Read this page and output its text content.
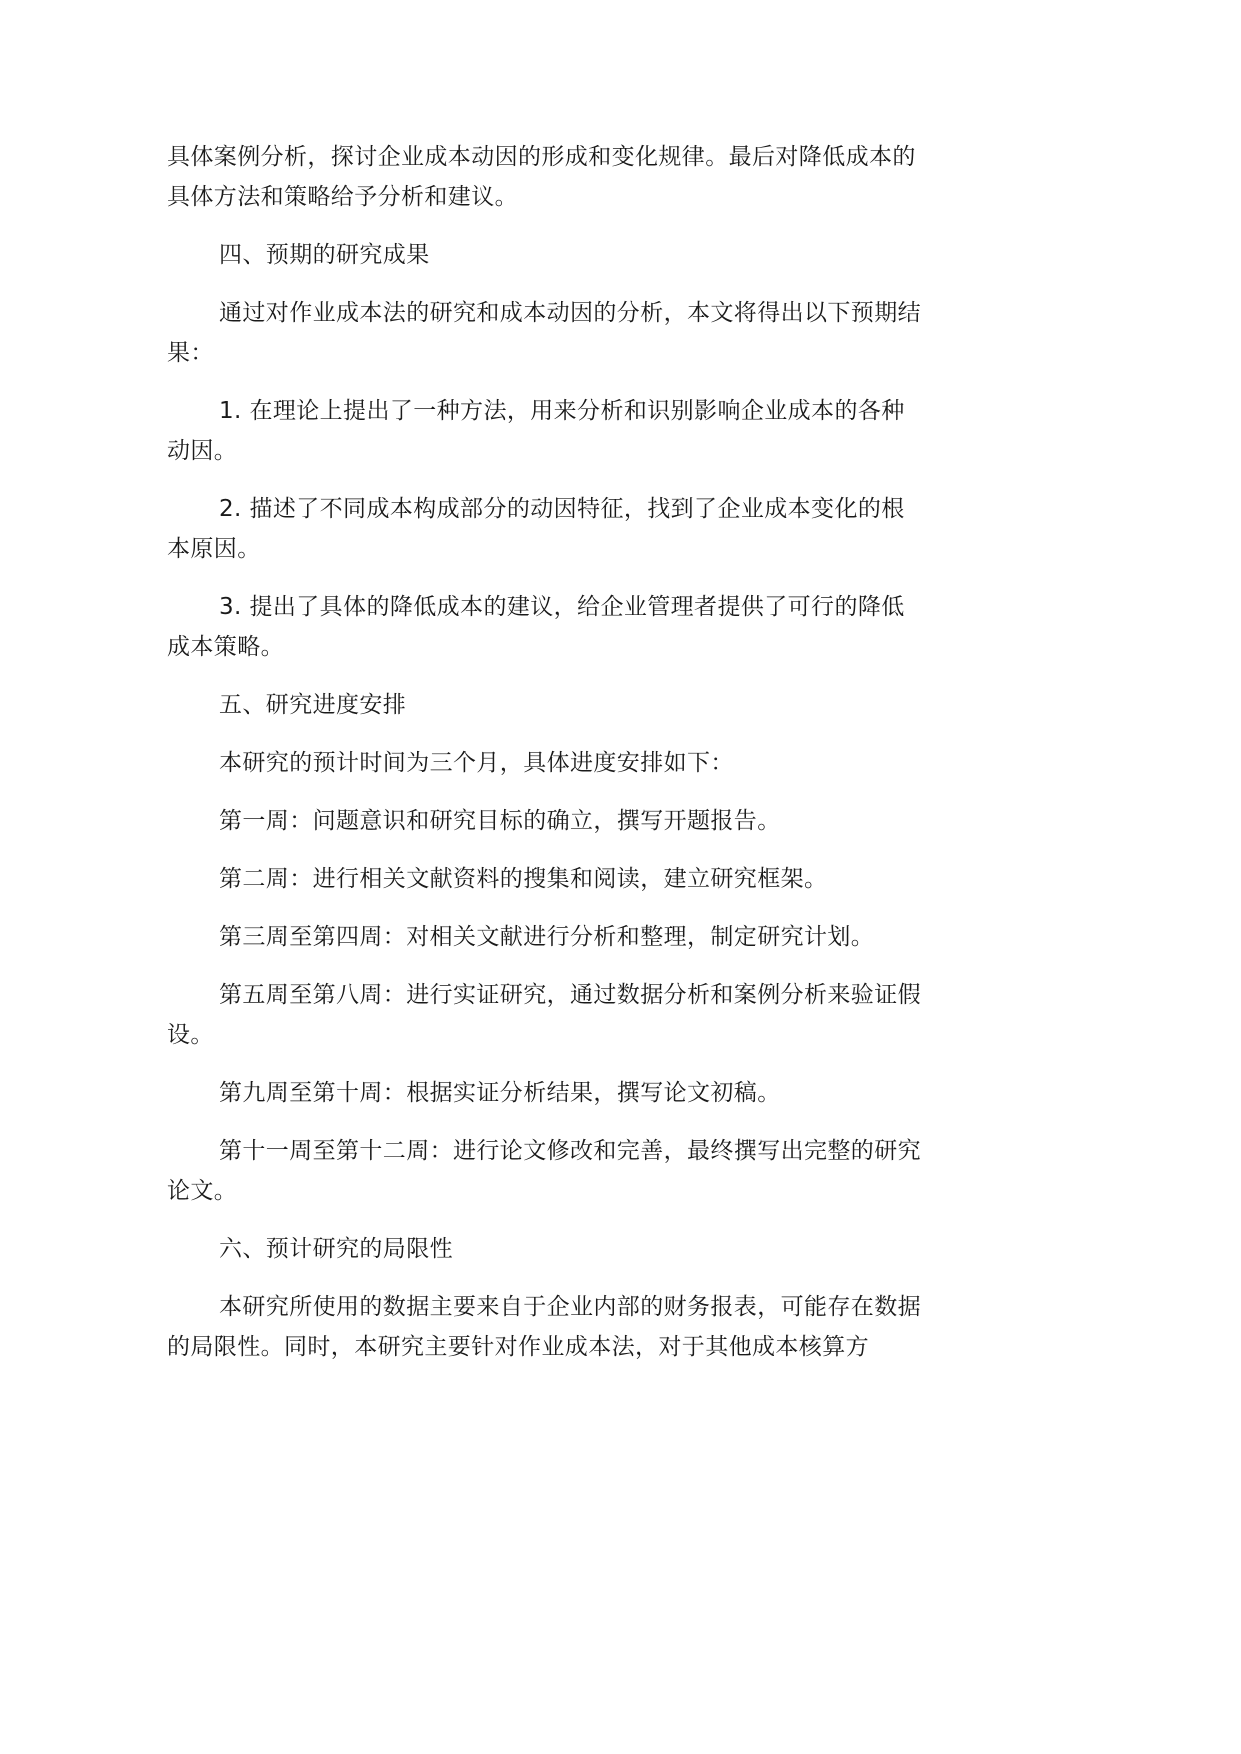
具体案例分析，探讨企业成本动因的形成和变化规律。最后对降低成本的具体方法和策略给予分析和建议。

四、预期的研究成果

通过对作业成本法的研究和成本动因的分析，本文将得出以下预期结果：

1. 在理论上提出了一种方法，用来分析和识别影响企业成本的各种动因。

2. 描述了不同成本构成部分的动因特征，找到了企业成本变化的根本原因。

3. 提出了具体的降低成本的建议，给企业管理者提供了可行的降低成本策略。

五、研究进度安排

本研究的预计时间为三个月，具体进度安排如下：

第一周：问题意识和研究目标的确立，撰写开题报告。

第二周：进行相关文献资料的搜集和阅读，建立研究框架。

第三周至第四周：对相关文献进行分析和整理，制定研究计划。

第五周至第八周：进行实证研究，通过数据分析和案例分析来验证假设。

第九周至第十周：根据实证分析结果，撰写论文初稿。

第十一周至第十二周：进行论文修改和完善，最终撰写出完整的研究论文。

六、预计研究的局限性

本研究所使用的数据主要来自于企业内部的财务报表，可能存在数据的局限性。同时，本研究主要针对作业成本法，对于其他成本核算方
